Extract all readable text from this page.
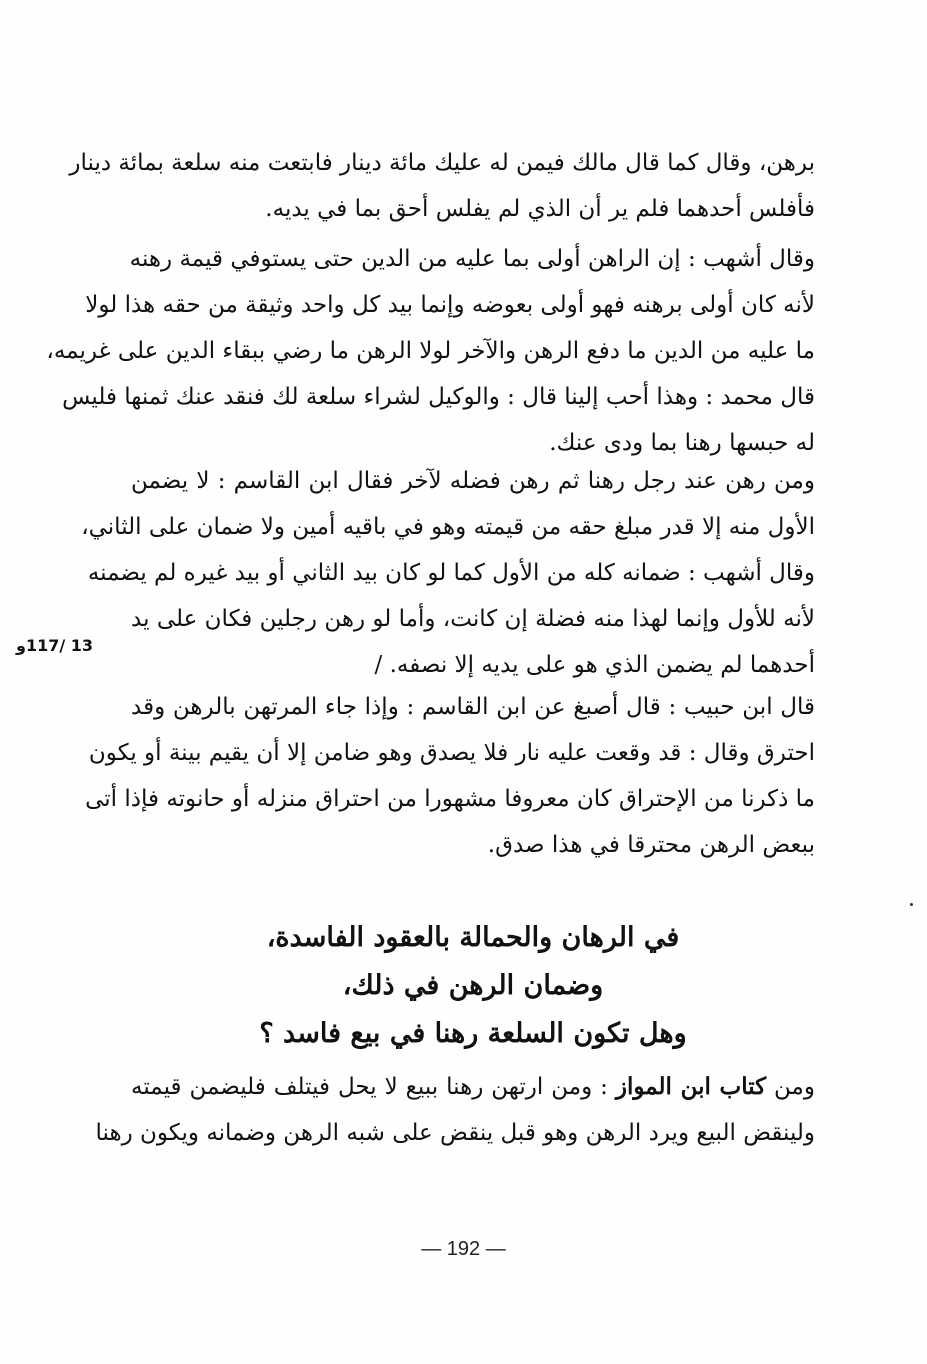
برهن، وقال كما قال مالك فيمن له عليك مائة دينار فابتعت منه سلعة بمائة دينار
فأفلس أحدهما فلم ير أن الذي لم يفلس أحق بما في يديه.
وقال أشهب : إن الراهن أولى بما عليه من الدين حتى يستوفي قيمة رهنه
لأنه كان أولى برهنه فهو أولى بعوضه وإنما بيد كل واحد وثيقة من حقه هذا لولا
ما عليه من الدين ما دفع الرهن والآخر لولا الرهن ما رضي ببقاء الدين على غريمه،
قال محمد : وهذا أحب إلينا قال : والوكيل لشراء سلعة لك فنقد عنك ثمنها فليس
له حبسها رهنا بما ودى عنك.
ومن رهن عند رجل رهنا ثم رهن فضله لآخر فقال ابن القاسم : لا يضمن
الأول منه إلا قدر مبلغ حقه من قيمته وهو في باقيه أمين ولا ضمان على الثاني،
وقال أشهب : ضمانه كله من الأول كما لو كان بيد الثاني أو بيد غيره لم يضمنه
لأنه للأول وإنما لهذا منه فضلة إن كانت، وأما لو رهن رجلين فكان على يد
أحدهما لم يضمن الذي هو على يديه إلا نصفه. /
13 /117و
قال ابن حبيب : قال أصبغ عن ابن القاسم : وإذا جاء المرتهن بالرهن وقد
احترق وقال : قد وقعت عليه نار فلا يصدق وهو ضامن إلا أن يقيم بينة أو يكون
ما ذكرنا من الإحتراق كان معروفا مشهورا من احتراق منزله أو حانوته فإذا أتى
ببعض الرهن محترقا في هذا صدق.
في الرهان والحمالة بالعقود الفاسدة،
وضمان الرهن في ذلك،
وهل تكون السلعة رهنا في بيع فاسد ؟
ومن كتاب ابن المواز : ومن ارتهن رهنا ببيع لا يحل فيتلف فليضمن قيمته
ولينقض البيع ويرد الرهن وهو قبل ينقض على شبه الرهن وضمانه ويكون رهنا
— 192 —
